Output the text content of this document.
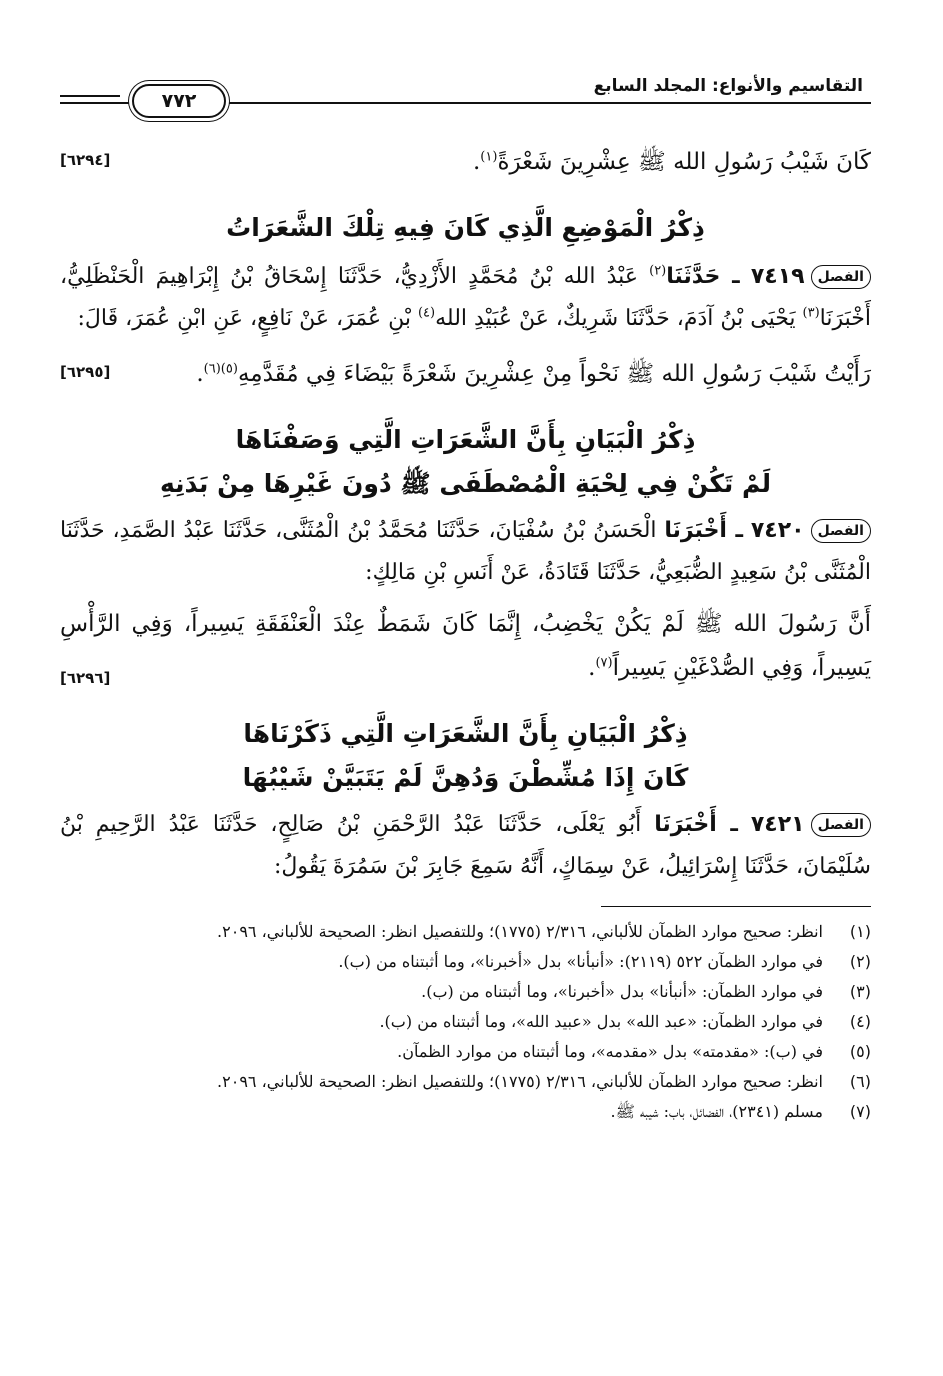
التقاسيم والأنواع: المجلد السابع
٧٧٢

كَانَ شَيْبُ رَسُولِ الله ﷺ عِشْرِينَ شَعْرَةً$^{(١)}$.
[٦٢٩٤]

ذِكْرُ الْمَوْضِعِ الَّذِي كَانَ فِيهِ تِلْكَ الشَّعَرَاتُ

الفصل٧٤١٩ ـ حَدَّثَنَا$^{(٢)}$ عَبْدُ الله بْنُ مُحَمَّدٍ الأَزْدِيُّ، حَدَّثَنَا إِسْحَاقُ بْنُ إِبْرَاهِيمَ الْحَنْظَلِيُّ، أَخْبَرَنَا$^{(٣)}$ يَحْيَى بْنُ آدَمَ، حَدَّثَنَا شَرِيكٌ، عَنْ عُبَيْدِ الله$^{(٤)}$ بْنِ عُمَرَ، عَنْ نَافِعٍ، عَنِ ابْنِ عُمَرَ، قَالَ:

رَأَيْتُ شَيْبَ رَسُولِ الله ﷺ نَحْواً مِنْ عِشْرِينَ شَعْرَةً بَيْضَاءَ فِي مُقَدَّمِهِ$^{(٥)(٦)}$.
[٦٢٩٥]

ذِكْرُ الْبَيَانِ بِأَنَّ الشَّعَرَاتِ الَّتِي وَصَفْنَاهَا

لَمْ تَكُنْ فِي لِحْيَةِ الْمُصْطَفَى ﷺ دُونَ غَيْرِهَا مِنْ بَدَنِهِ

الفصل٧٤٢٠ ـ أَخْبَرَنَا الْحَسَنُ بْنُ سُفْيَانَ، حَدَّثَنَا مُحَمَّدُ بْنُ الْمُثَنَّى، حَدَّثَنَا عَبْدُ الصَّمَدِ، حَدَّثَنَا الْمُثَنَّى بْنُ سَعِيدٍ الضُّبَعِيُّ، حَدَّثَنَا قَتَادَةُ، عَنْ أَنَسِ بْنِ مَالِكٍ:

أَنَّ رَسُولَ الله ﷺ لَمْ يَكُنْ يَخْضِبُ، إِنَّمَا كَانَ شَمَطٌ عِنْدَ الْعَنْفَقَةِ يَسِيراً، وَفِي الرَّأْسِ يَسِيراً، وَفِي الصُّدْغَيْنِ يَسِيراً$^{(٧)}$.
[٦٢٩٦]

ذِكْرُ الْبَيَانِ بِأَنَّ الشَّعَرَاتِ الَّتِي ذَكَرْنَاهَا

كَانَ إِذَا مُشِّطْنَ وَدُهِنَّ لَمْ يَتَبَيَّنْ شَيْبُهَا

الفصل٧٤٢١ ـ أَخْبَرَنَا أَبُو يَعْلَى، حَدَّثَنَا عَبْدُ الرَّحْمَنِ بْنُ صَالِحٍ، حَدَّثَنَا عَبْدُ الرَّحِيمِ بْنُ سُلَيْمَانَ، حَدَّثَنَا إِسْرَائِيلُ، عَنْ سِمَاكٍ، أَنَّهُ سَمِعَ جَابِرَ بْنَ سَمُرَةَ يَقُولُ:

(١)
انظر: صحيح موارد الظمآن للألباني، ٢/٣١٦ (١٧٧٥)؛ وللتفصيل انظر: الصحيحة للألباني، ٢٠٩٦.
(٢)
في موارد الظمآن ٥٢٢ (٢١١٩): «أنبأنا» بدل «أخبرنا»، وما أثبتناه من (ب).
(٣)
في موارد الظمآن: «أنبأنا» بدل «أخبرنا»، وما أثبتناه من (ب).
(٤)
في موارد الظمآن: «عبد الله» بدل «عبيد الله»، وما أثبتناه من (ب).
(٥)
في (ب): «مقدمته» بدل «مقدمه»، وما أثبتناه من موارد الظمآن.
(٦)
انظر: صحيح موارد الظمآن للألباني، ٢/٣١٦ (١٧٧٥)؛ وللتفصيل انظر: الصحيحة للألباني، ٢٠٩٦.
(٧)
مسلم (٢٣٤١)، الفضائل، باب: شيبه ﷺ.
